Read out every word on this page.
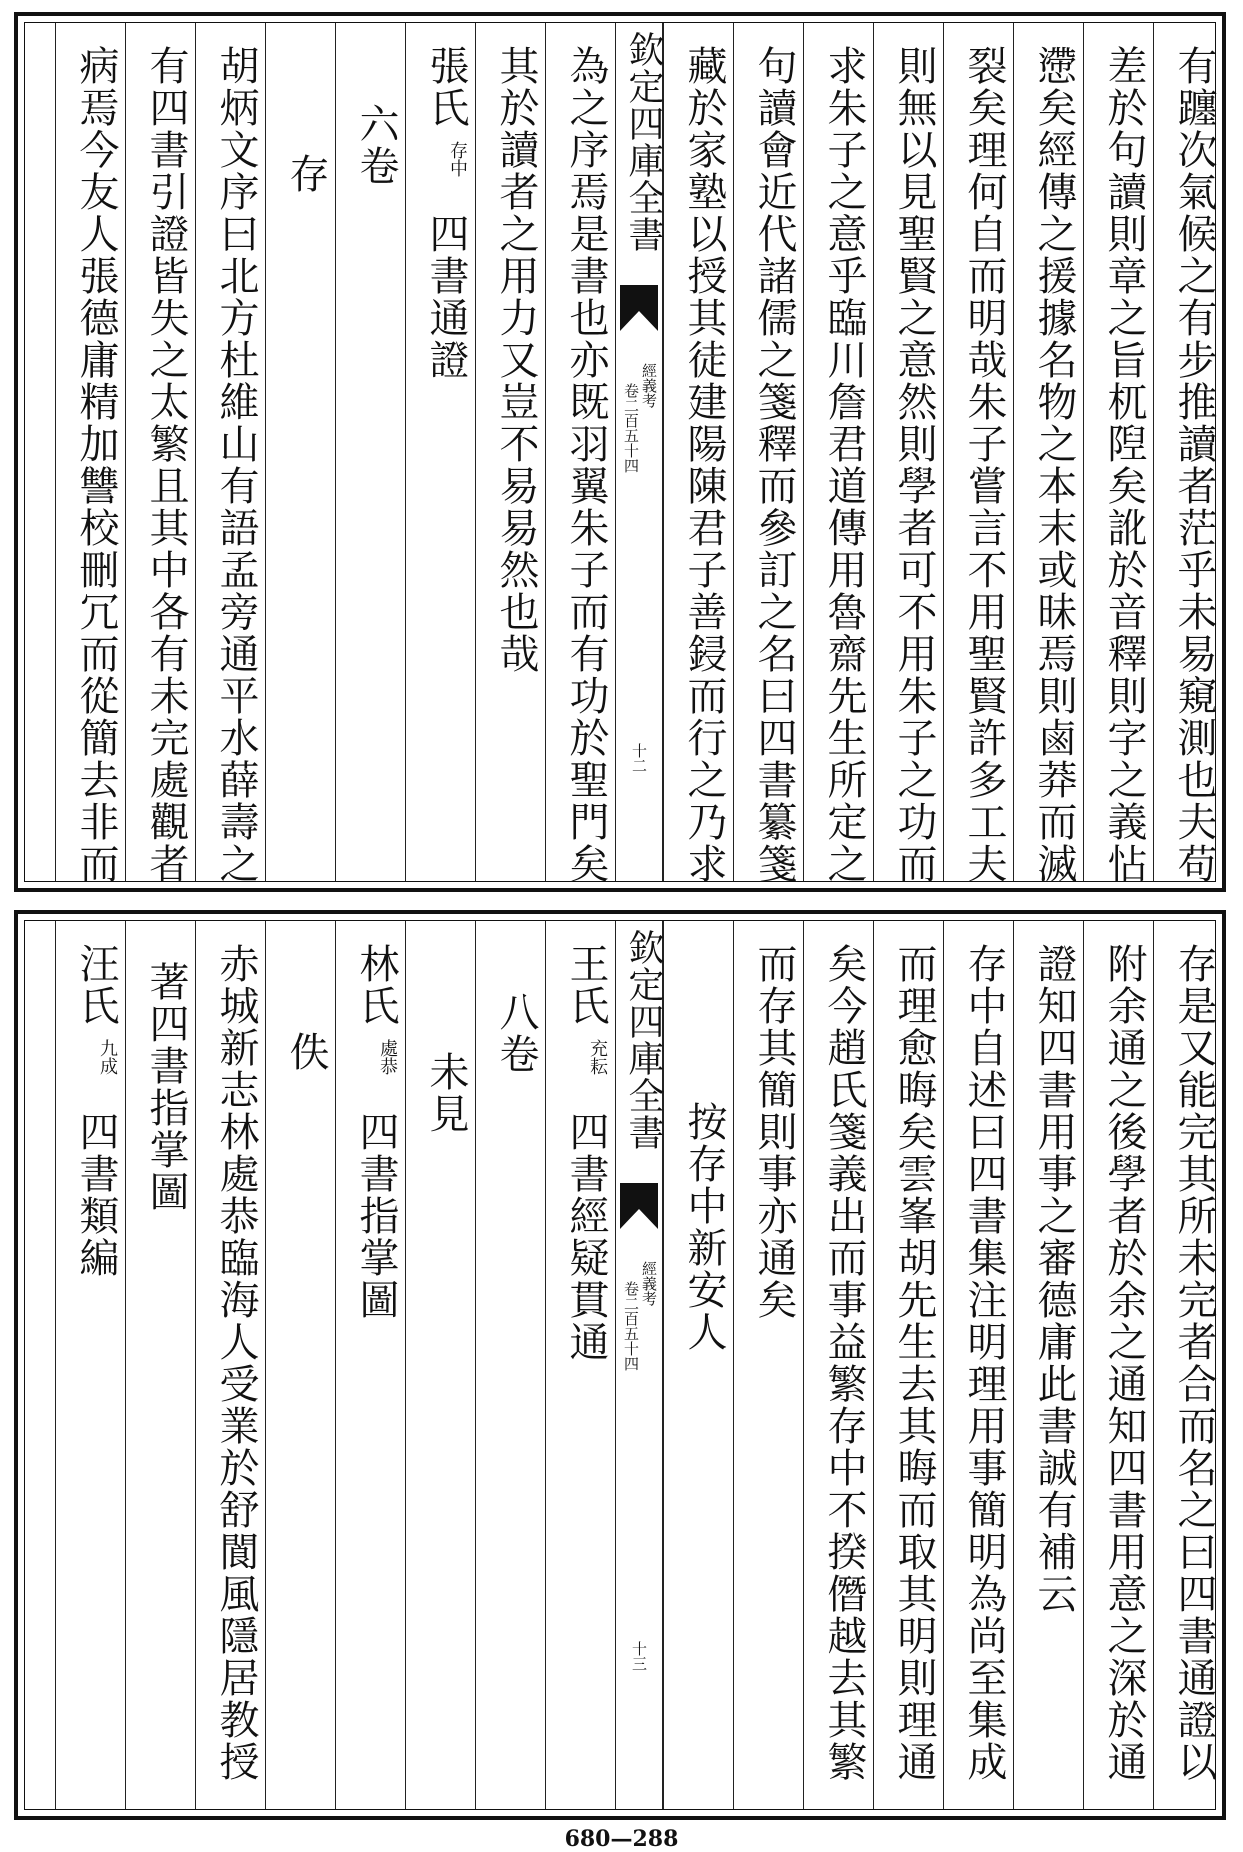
有躔次氣候之有步推讀者茫乎未易窺測也夫苟
差於句讀則章之旨杌隉矣訛於音釋則字之義怗
懘矣經傳之援據名物之本末或昧焉則鹵莽而滅
裂矣理何自而明哉朱子嘗言不用聖賢許多工夫
則無以見聖賢之意然則學者可不用朱子之功而
求朱子之意乎臨川詹君道傳用魯齋先生所定之
句讀會近代諸儒之箋釋而參訂之名曰四書纂箋
藏於家塾以授其徒建陽陳君子善鋟而行之乃求
欽定四庫全書
經義考
卷二百五十四
十二
為之序焉是書也亦既羽翼朱子而有功於聖門矣
其於讀者之用力又豈不易易然也哉
張氏
存中
四書通證
六卷
存
胡炳文序曰北方杜維山有語孟旁通平水薛壽之
有四書引證皆失之太繁且其中各有未完處觀者
病焉今友人張德庸精加讐校刪冗而從簡去非而
存是又能完其所未完者合而名之曰四書通證以
附余通之後學者於余之通知四書用意之深於通
證知四書用事之審德庸此書誠有補云
存中自述曰四書集注明理用事簡明為尚至集成
而理愈晦矣雲峯胡先生去其晦而取其明則理通
矣今趙氏箋義出而事益繁存中不揆僭越去其繁
而存其簡則事亦通矣
按存中新安人
欽定四庫全書
經義考
卷二百五十四
十三
王氏
充耘
四書經疑貫通
八卷
未見
林氏
處恭
四書指掌圖
佚
赤城新志林處恭臨海人受業於舒閬風隱居教授
著四書指掌圖
汪氏
九成
四書類編
680—288
